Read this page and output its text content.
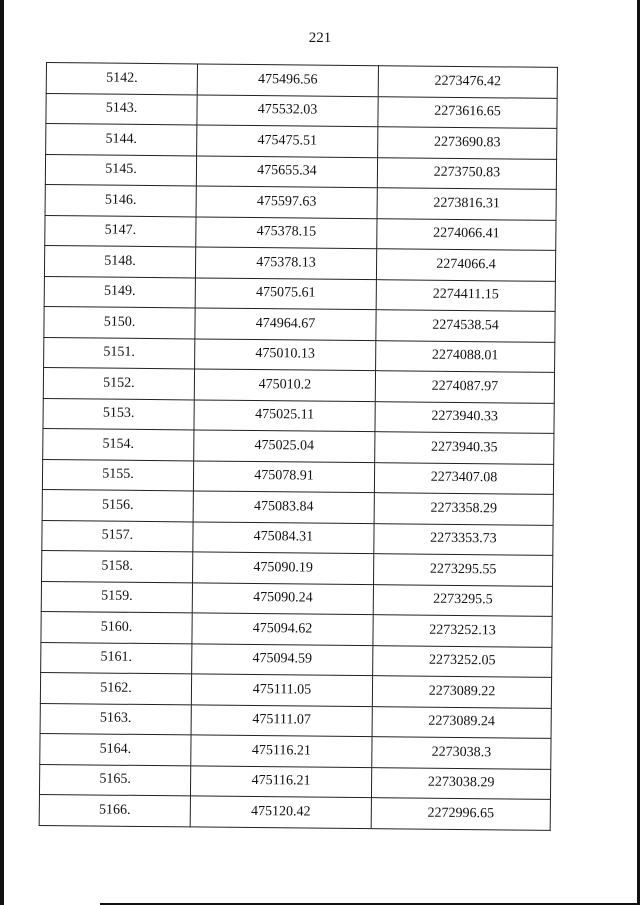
221
5142.	475496.56	2273476.42
5143.	475532.03	2273616.65
5144.	475475.51	2273690.83
5145.	475655.34	2273750.83
5146.	475597.63	2273816.31
5147.	475378.15	2274066.41
5148.	475378.13	2274066.4
5149.	475075.61	2274411.15
5150.	474964.67	2274538.54
5151.	475010.13	2274088.01
5152.	475010.2	2274087.97
5153.	475025.11	2273940.33
5154.	475025.04	2273940.35
5155.	475078.91	2273407.08
5156.	475083.84	2273358.29
5157.	475084.31	2273353.73
5158.	475090.19	2273295.55
5159.	475090.24	2273295.5
5160.	475094.62	2273252.13
5161.	475094.59	2273252.05
5162.	475111.05	2273089.22
5163.	475111.07	2273089.24
5164.	475116.21	2273038.3
5165.	475116.21	2273038.29
5166.	475120.42	2272996.65
